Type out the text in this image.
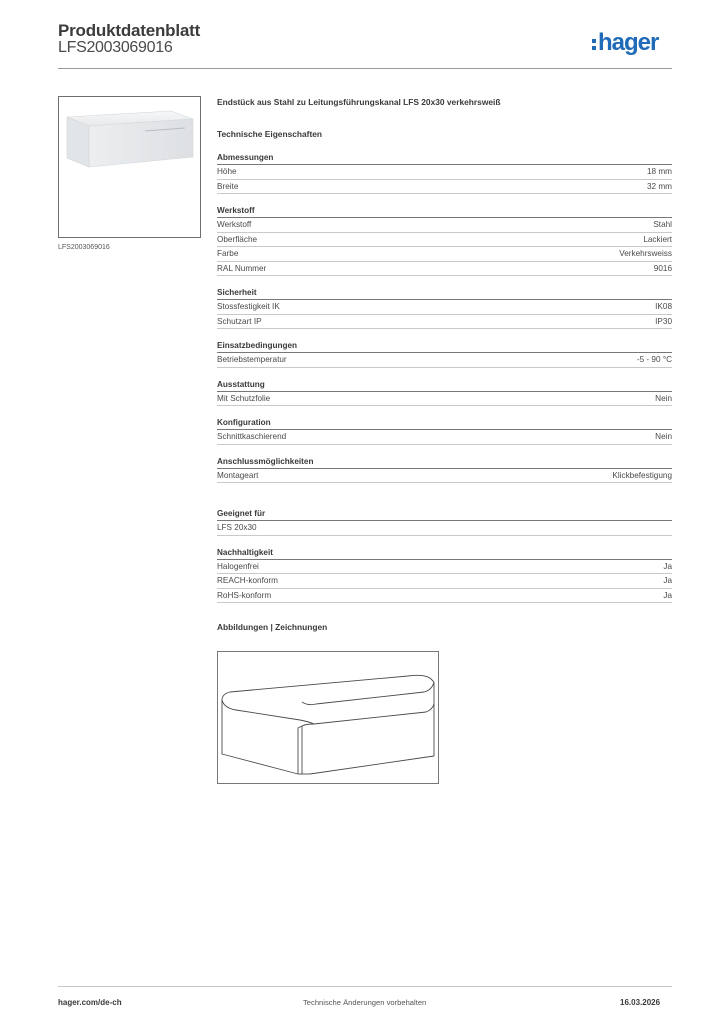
Produktdatenblatt
LFS2003069016	hager
LFS2003069016
Endstück aus Stahl zu Leitungsführungskanal LFS 20x30 verkehrsweiß
Technische Eigenschaften
Abmessungen
Höhe	18 mm
Breite	32 mm
Werkstoff
Werkstoff	Stahl
Oberfläche	Lackiert
Farbe	Verkehrsweiss
RAL Nummer	9016
Sicherheit
Stossfestigkeit IK	IK08
Schutzart IP	IP30
Einsatzbedingungen
Betriebstemperatur	-5 - 90 °C
Ausstattung
Mit Schutzfolie	Nein
Konfiguration
Schnittkaschierend	Nein
Anschlussmöglichkeiten
Montageart	Klickbefestigung
Geeignet für
LFS 20x30
Nachhaltigkeit
Halogenfrei	Ja
REACH-konform	Ja
RoHS-konform	Ja
Abbildungen | Zeichnungen
hager.com/de-ch	Technische Änderungen vorbehalten	16.03.2026
